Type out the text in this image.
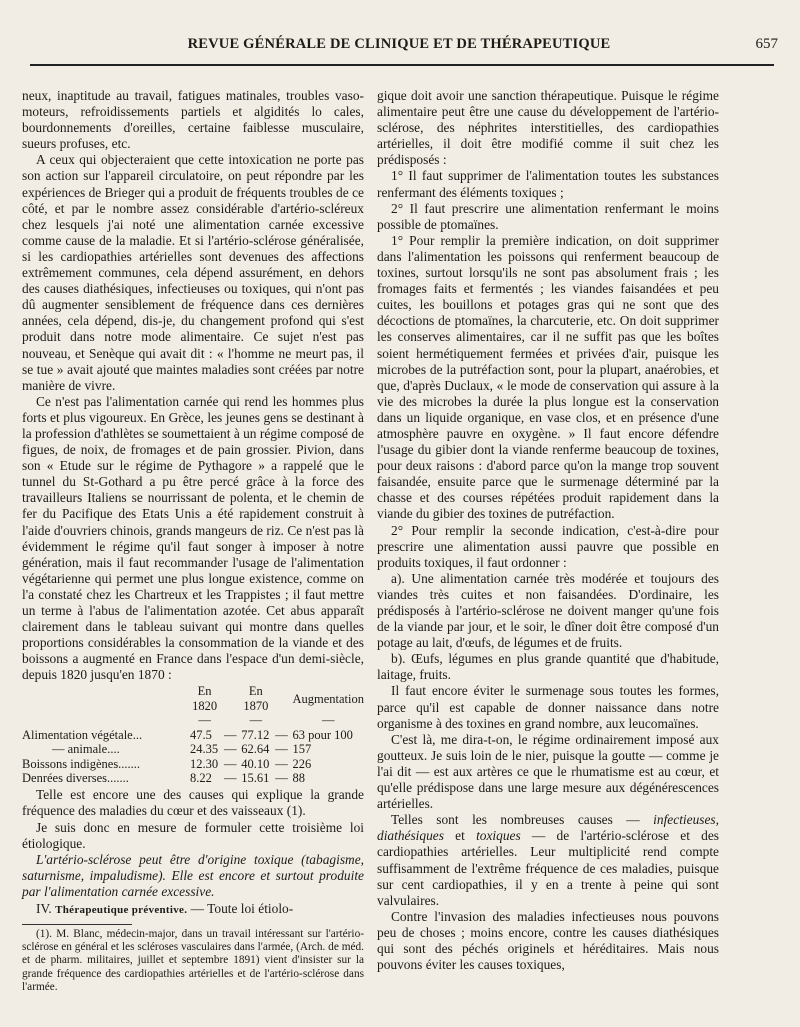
REVUE GÉNÉRALE DE CLINIQUE ET DE THÉRAPEUTIQUE	657

neux, inaptitude au travail, fatigues matinales, troubles vaso-moteurs, refroidissements partiels et algidités lo cales, bourdonnements d'oreilles, certaine faiblesse musculaire, sueurs profuses, etc.

A ceux qui objecteraient que cette intoxication ne porte pas son action sur l'appareil circulatoire, on peut répondre par les expériences de Brieger qui a produit de fréquents troubles de ce côté, et par le nombre assez considérable d'artério-scléreux chez lesquels j'ai noté une alimentation carnée excessive comme cause de la maladie. Et si l'artério-sclérose généralisée, si les cardiopathies artérielles sont devenues des affections extrêmement communes, cela dépend assurément, en dehors des causes diathésiques, infectieuses ou toxiques, qui n'ont pas dû augmenter sensiblement de fréquence dans ces dernières années, cela dépend, dis-je, du changement profond qui s'est produit dans notre mode alimentaire. Ce sujet n'est pas nouveau, et Senèque qui avait dit : « l'homme ne meurt pas, il se tue » avait ajouté que maintes maladies sont créées par notre manière de vivre.

Ce n'est pas l'alimentation carnée qui rend les hommes plus forts et plus vigoureux. En Grèce, les jeunes gens se destinant à la profession d'athlètes se soumettaient à un régime composé de figues, de noix, de fromages et de pain grossier. Pivion, dans son « Etude sur le régime de Pythagore » a rappelé que le tunnel du St-Gothard a pu être percé grâce à la force des travailleurs Italiens se nourrissant de polenta, et le chemin de fer du Pacifique des Etats Unis a été rapidement construit à l'aide d'ouvriers chinois, grands mangeurs de riz. Ce n'est pas là évidemment le régime qu'il faut songer à imposer à notre génération, mais il faut recommander l'usage de l'alimentation végétarienne qui permet une plus longue existence, comme on l'a constaté chez les Chartreux et les Trappistes ; il faut mettre un terme à l'abus de l'alimentation azotée. Cet abus apparaît clairement dans le tableau suivant qui montre dans quelles proportions considérables la consommation de la viande et des boissons a augmenté en France dans l'espace d'un demi-siècle, depuis 1820 jusqu'en 1870 :

	En 1820		En 1870		Augmentation
	—		—		—
Alimentation végétale...	47.5	—	77.12	—	63 pour 100
— animale....	24.35	—	62.64	—	157
Boissons indigènes.......	12.30	—	40.10	—	226
Denrées diverses.......	8.22	—	15.61	—	88

Telle est encore une des causes qui explique la grande fréquence des maladies du cœur et des vaisseaux (1).

Je suis donc en mesure de formuler cette troisième loi étiologique.

L'artério-sclérose peut être d'origine toxique (tabagisme, saturnisme, impaludisme). Elle est encore et surtout produite par l'alimentation carnée excessive.

IV. Thérapeutique préventive. — Toute loi étiolo-

(1). M. Blanc, médecin-major, dans un travail intéressant sur l'artério-sclérose en général et les scléroses vasculaires dans l'armée, (Arch. de méd. et de pharm. militaires, juillet et septembre 1891) vient d'insister sur la grande fréquence des cardiopathies artérielles et de l'artério-sclérose dans l'armée.

gique doit avoir une sanction thérapeutique. Puisque le régime alimentaire peut être une cause du développement de l'artério-sclérose, des néphrites interstitielles, des cardiopathies artérielles, il doit être modifié comme il suit chez les prédisposés :

1° Il faut supprimer de l'alimentation toutes les substances renfermant des éléments toxiques ;

2° Il faut prescrire une alimentation renfermant le moins possible de ptomaïnes.

1° Pour remplir la première indication, on doit supprimer dans l'alimentation les poissons qui renferment beaucoup de toxines, surtout lorsqu'ils ne sont pas absolument frais ; les fromages faits et fermentés ; les viandes faisandées et peu cuites, les bouillons et potages gras qui ne sont que des décoctions de ptomaïnes, la charcuterie, etc. On doit supprimer les conserves alimentaires, car il ne suffit pas que les boîtes soient hermétiquement fermées et privées d'air, puisque les microbes de la putréfaction sont, pour la plupart, anaérobies, et que, d'après Duclaux, « le mode de conservation qui assure à la vie des microbes la durée la plus longue est la conservation dans un liquide organique, en vase clos, et en présence d'une atmosphère pauvre en oxygène. » Il faut encore défendre l'usage du gibier dont la viande renferme beaucoup de toxines, pour deux raisons : d'abord parce qu'on la mange trop souvent faisandée, ensuite parce que le surmenage déterminé par la chasse et des courses répétées produit rapidement dans la viande du gibier des toxines de putréfaction.

2° Pour remplir la seconde indication, c'est-à-dire pour prescrire une alimentation aussi pauvre que possible en produits toxiques, il faut ordonner :

a). Une alimentation carnée très modérée et toujours des viandes très cuites et non faisandées. D'ordinaire, les prédisposés à l'artério-sclérose ne doivent manger qu'une fois de la viande par jour, et le soir, le dîner doit être composé d'un potage au lait, d'œufs, de légumes et de fruits.

b). Œufs, légumes en plus grande quantité que d'habitude, laitage, fruits.

Il faut encore éviter le surmenage sous toutes les formes, parce qu'il est capable de donner naissance dans notre organisme à des toxines en grand nombre, aux leucomaïnes.

C'est là, me dira-t-on, le régime ordinairement imposé aux goutteux. Je suis loin de le nier, puisque la goutte — comme je l'ai dit — est aux artères ce que le rhumatisme est au cœur, et qu'elle prédispose dans une large mesure aux dégénérescences artérielles.

Telles sont les nombreuses causes — infectieuses, diathésiques et toxiques — de l'artério-sclérose et des cardiopathies artérielles. Leur multiplicité rend compte suffisamment de l'extrême fréquence de ces maladies, puisque sur cent cardiopathies, il y en a trente à peine qui sont valvulaires.

Contre l'invasion des maladies infectieuses nous pouvons peu de choses ; moins encore, contre les causes diathésiques qui sont des péchés originels et héréditaires. Mais nous pouvons éviter les causes toxiques,
